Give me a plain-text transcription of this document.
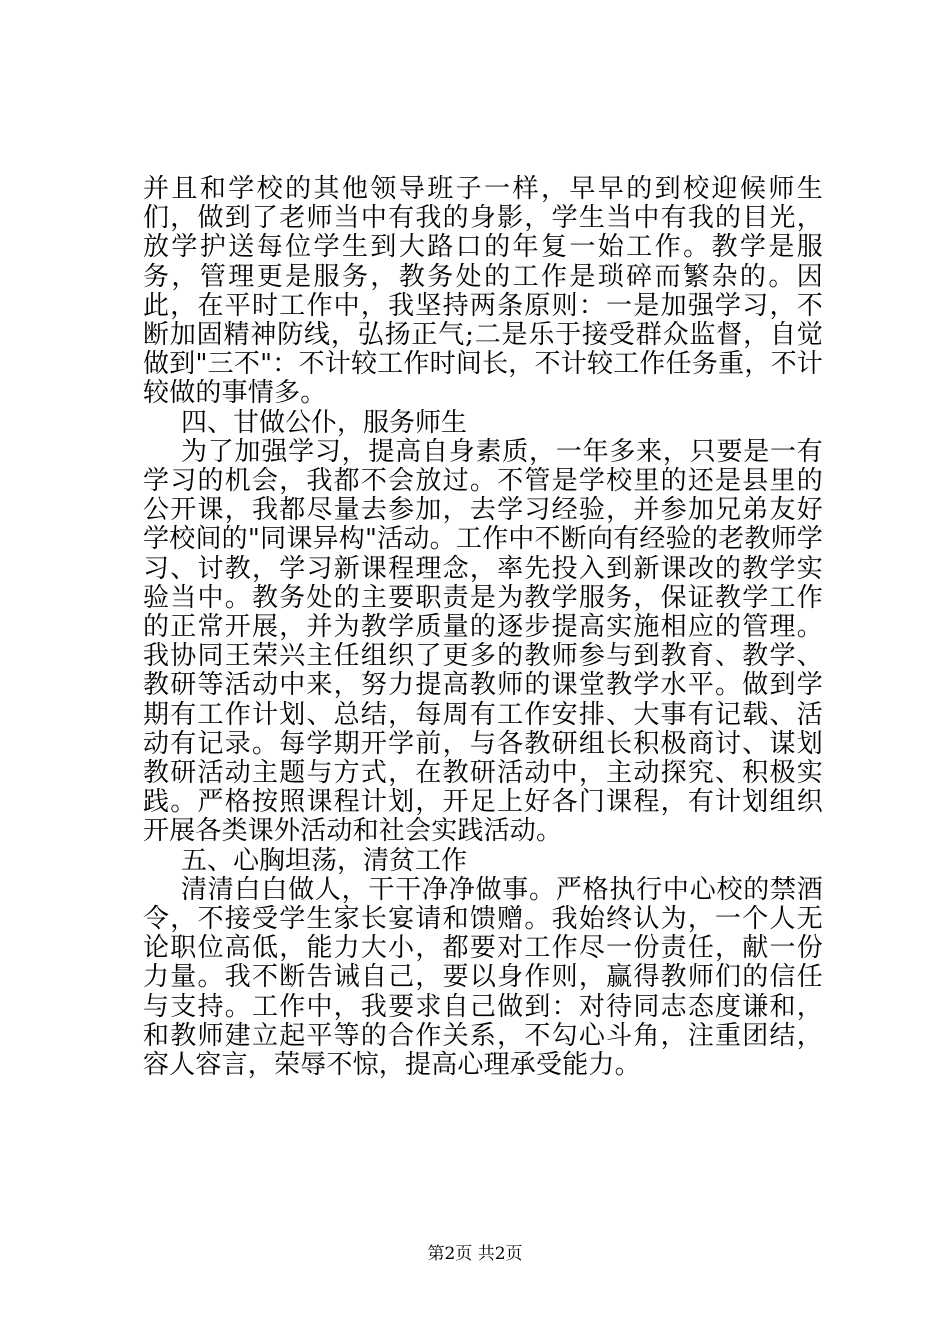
并且和学校的其他领导班子一样，早早的到校迎候师生们，做到了老师当中有我的身影，学生当中有我的目光，放学护送每位学生到大路口的年复一始工作。教学是服务，管理更是服务，教务处的工作是琐碎而繁杂的。因此，在平时工作中，我坚持两条原则：一是加强学习，不断加固精神防线，弘扬正气;二是乐于接受群众监督，自觉做到"三不"：不计较工作时间长，不计较工作任务重，不计较做的事情多。

四、甘做公仆，服务师生

为了加强学习，提高自身素质，一年多来，只要是一有学习的机会，我都不会放过。不管是学校里的还是县里的公开课，我都尽量去参加，去学习经验，并参加兄弟友好学校间的"同课异构"活动。工作中不断向有经验的老教师学习、讨教，学习新课程理念，率先投入到新课改的教学实验当中。教务处的主要职责是为教学服务，保证教学工作的正常开展，并为教学质量的逐步提高实施相应的管理。我协同王荣兴主任组织了更多的教师参与到教育、教学、教研等活动中来，努力提高教师的课堂教学水平。做到学期有工作计划、总结，每周有工作安排、大事有记载、活动有记录。每学期开学前，与各教研组长积极商讨、谋划教研活动主题与方式，在教研活动中，主动探究、积极实践。严格按照课程计划，开足上好各门课程，有计划组织开展各类课外活动和社会实践活动。

五、心胸坦荡，清贫工作

清清白白做人，干干净净做事。严格执行中心校的禁酒令，不接受学生家长宴请和馈赠。我始终认为，一个人无论职位高低，能力大小，都要对工作尽一份责任，献一份力量。我不断告诫自己，要以身作则，赢得教师们的信任与支持。工作中，我要求自己做到：对待同志态度谦和，和教师建立起平等的合作关系，不勾心斗角，注重团结，容人容言，荣辱不惊，提高心理承受能力。

第2页 共2页
